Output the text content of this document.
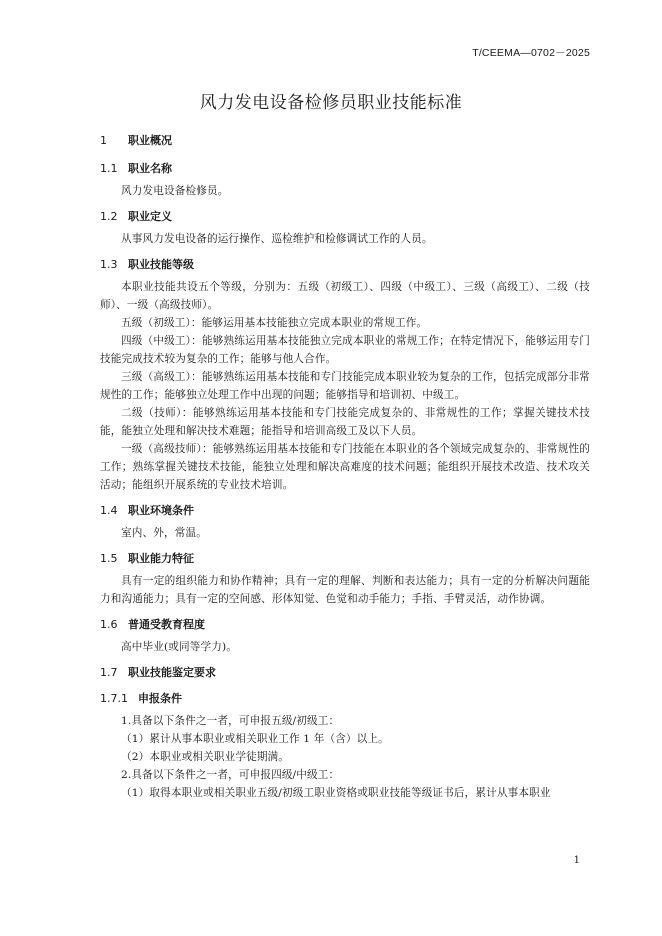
T/CEEMA—0702－2025
风力发电设备检修员职业技能标准

1 职业概况

1.1 职业名称

风力发电设备检修员。

1.2 职业定义

从事风力发电设备的运行操作、巡检维护和检修调试工作的人员。

1.3 职业技能等级

本职业技能共设五个等级，分别为：五级（初级工）、四级（中级工）、三级（高级工）、二级（技师）、一级（高级技师）。

五级（初级工）：能够运用基本技能独立完成本职业的常规工作。

四级（中级工）：能够熟练运用基本技能独立完成本职业的常规工作；在特定情况下，能够运用专门技能完成技术较为复杂的工作；能够与他人合作。

三级（高级工）：能够熟练运用基本技能和专门技能完成本职业较为复杂的工作，包括完成部分非常规性的工作；能够独立处理工作中出现的问题；能够指导和培训初、中级工。

二级（技师）：能够熟练运用基本技能和专门技能完成复杂的、非常规性的工作；掌握关键技术技能，能独立处理和解决技术难题；能指导和培训高级工及以下人员。

一级（高级技师）：能够熟练运用基本技能和专门技能在本职业的各个领域完成复杂的、非常规性的工作；熟练掌握关键技术技能，能独立处理和解决高难度的技术问题；能组织开展技术改造、技术攻关活动；能组织开展系统的专业技术培训。

1.4 职业环境条件

室内、外，常温。

1.5 职业能力特征

具有一定的组织能力和协作精神；具有一定的理解、判断和表达能力；具有一定的分析解决问题能力和沟通能力；具有一定的空间感、形体知觉、色觉和动手能力；手指、手臂灵活，动作协调。

1.6 普通受教育程度

高中毕业(或同等学力)。

1.7 职业技能鉴定要求

1.7.1 申报条件

1.具备以下条件之一者，可申报五级/初级工：

（1）累计从事本职业或相关职业工作 1 年（含）以上。

（2）本职业或相关职业学徒期满。

2.具备以下条件之一者，可申报四级/中级工：

（1）取得本职业或相关职业五级/初级工职业资格或职业技能等级证书后，累计从事本职业

1
